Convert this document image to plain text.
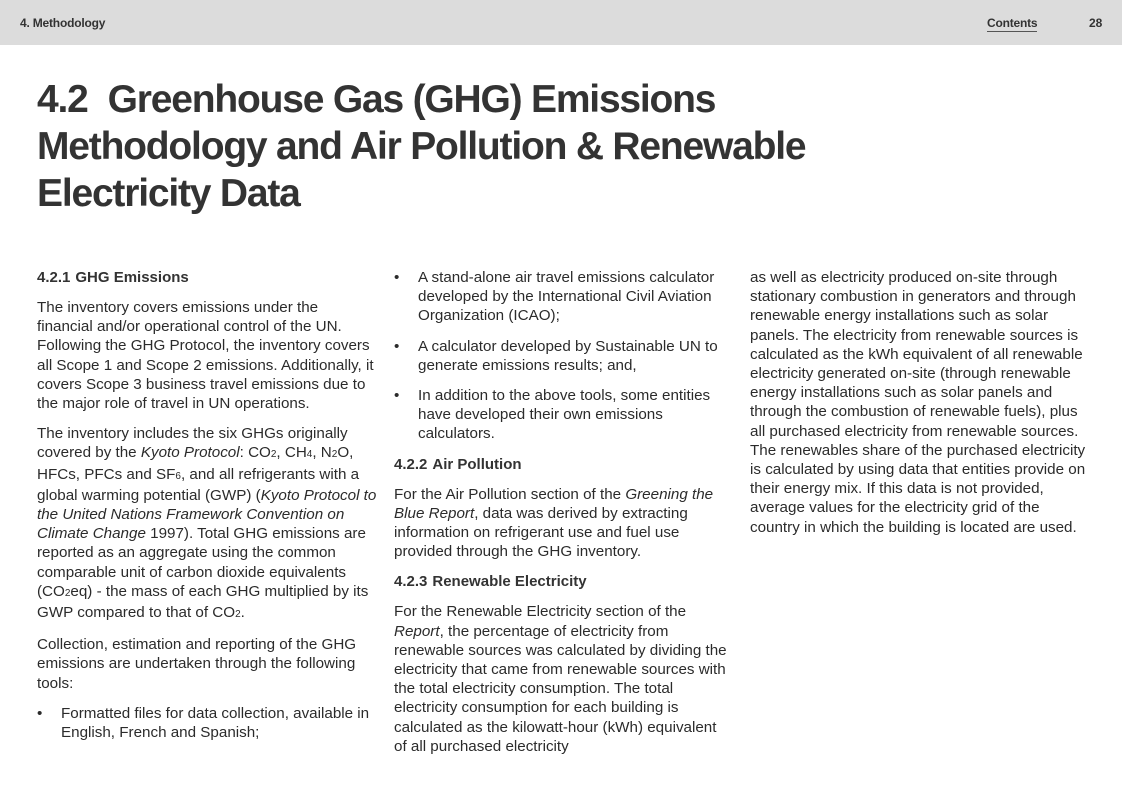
4. Methodology	Contents	28
4.2 Greenhouse Gas (GHG) Emissions
Methodology and Air Pollution & Renewable
Electricity Data
4.2.1 GHG Emissions

The inventory covers emissions under the financial and/or operational control of the UN. Following the GHG Protocol, the inventory covers all Scope 1 and Scope 2 emissions. Additionally, it covers Scope 3 business travel emissions due to the major role of travel in UN operations.

The inventory includes the six GHGs originally covered by the Kyoto Protocol: CO2, CH4, N2O, HFCs, PFCs and SF6, and all refrigerants with a global warming potential (GWP) (Kyoto Protocol to the United Nations Framework Convention on Climate Change 1997). Total GHG emissions are reported as an aggregate using the common comparable unit of carbon dioxide equivalents (CO2eq) - the mass of each GHG multiplied by its GWP compared to that of CO2.

Collection, estimation and reporting of the GHG emissions are undertaken through the following tools:

• Formatted files for data collection, available in English, French and Spanish;
• A stand-alone air travel emissions calculator developed by the International Civil Aviation Organization (ICAO);
• A calculator developed by Sustainable UN to generate emissions results; and,
• In addition to the above tools, some entities have developed their own emissions calculators.
4.2.2 Air Pollution

For the Air Pollution section of the Greening the Blue Report, data was derived by extracting information on refrigerant use and fuel use provided through the GHG inventory.

4.2.3 Renewable Electricity

For the Renewable Electricity section of the Report, the percentage of electricity from renewable sources was calculated by dividing the electricity that came from renewable sources with the total electricity consumption. The total electricity consumption for each building is calculated as the kilowatt-hour (kWh) equivalent of all purchased electricity

as well as electricity produced on-site through stationary combustion in generators and through renewable energy installations such as solar panels. The electricity from renewable sources is calculated as the kWh equivalent of all renewable electricity generated on-site (through renewable energy installations such as solar panels and through the combustion of renewable fuels), plus all purchased electricity from renewable sources. The renewables share of the purchased electricity is calculated by using data that entities provide on their energy mix. If this data is not provided, average values for the electricity grid of the country in which the building is located are used.
